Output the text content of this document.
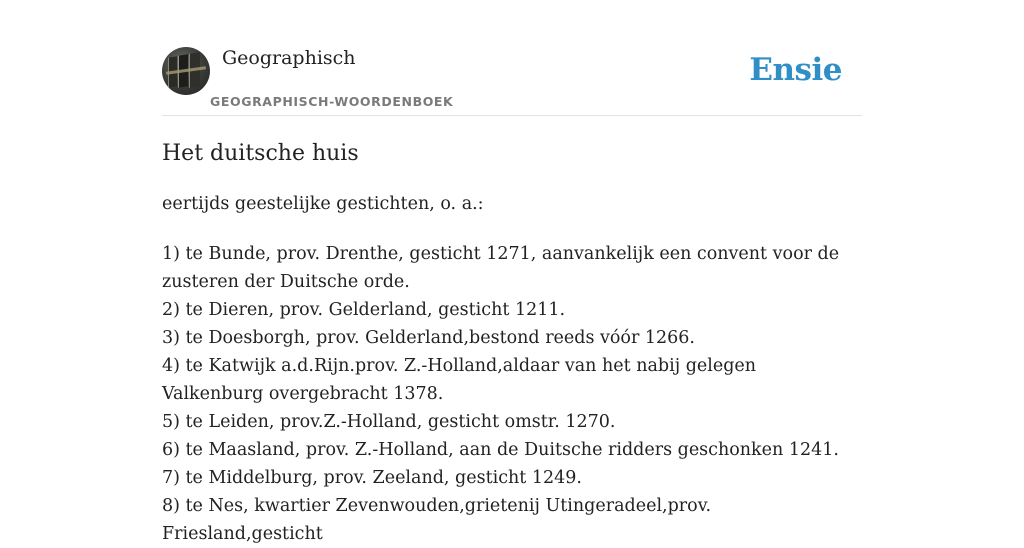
Geographisch
GEOGRAPHISCH-WOORDENBOEK
Ensie
Het duitsche huis

eertijds geestelijke gestichten, o. a.:

1) te Bunde, prov. Drenthe, gesticht 1271, aanvankelijk een convent voor de zusteren der Duitsche orde.
2) te Dieren, prov. Gelderland, gesticht 1211.
3) te Doesborgh, prov. Gelderland,bestond reeds vóór 1266.
4) te Katwijk a.d.Rijn.prov. Z.-Holland,aldaar van het nabij gelegen Valkenburg overgebracht 1378.
5) te Leiden, prov.Z.-Holland, gesticht omstr. 1270.
6) te Maasland, prov. Z.-Holland, aan de Duitsche ridders geschonken 1241.
7) te Middelburg, prov. Zeeland, gesticht 1249.
8) te Nes, kwartier Zevenwouden,grietenij Utingeradeel,prov. Friesland,gesticht
